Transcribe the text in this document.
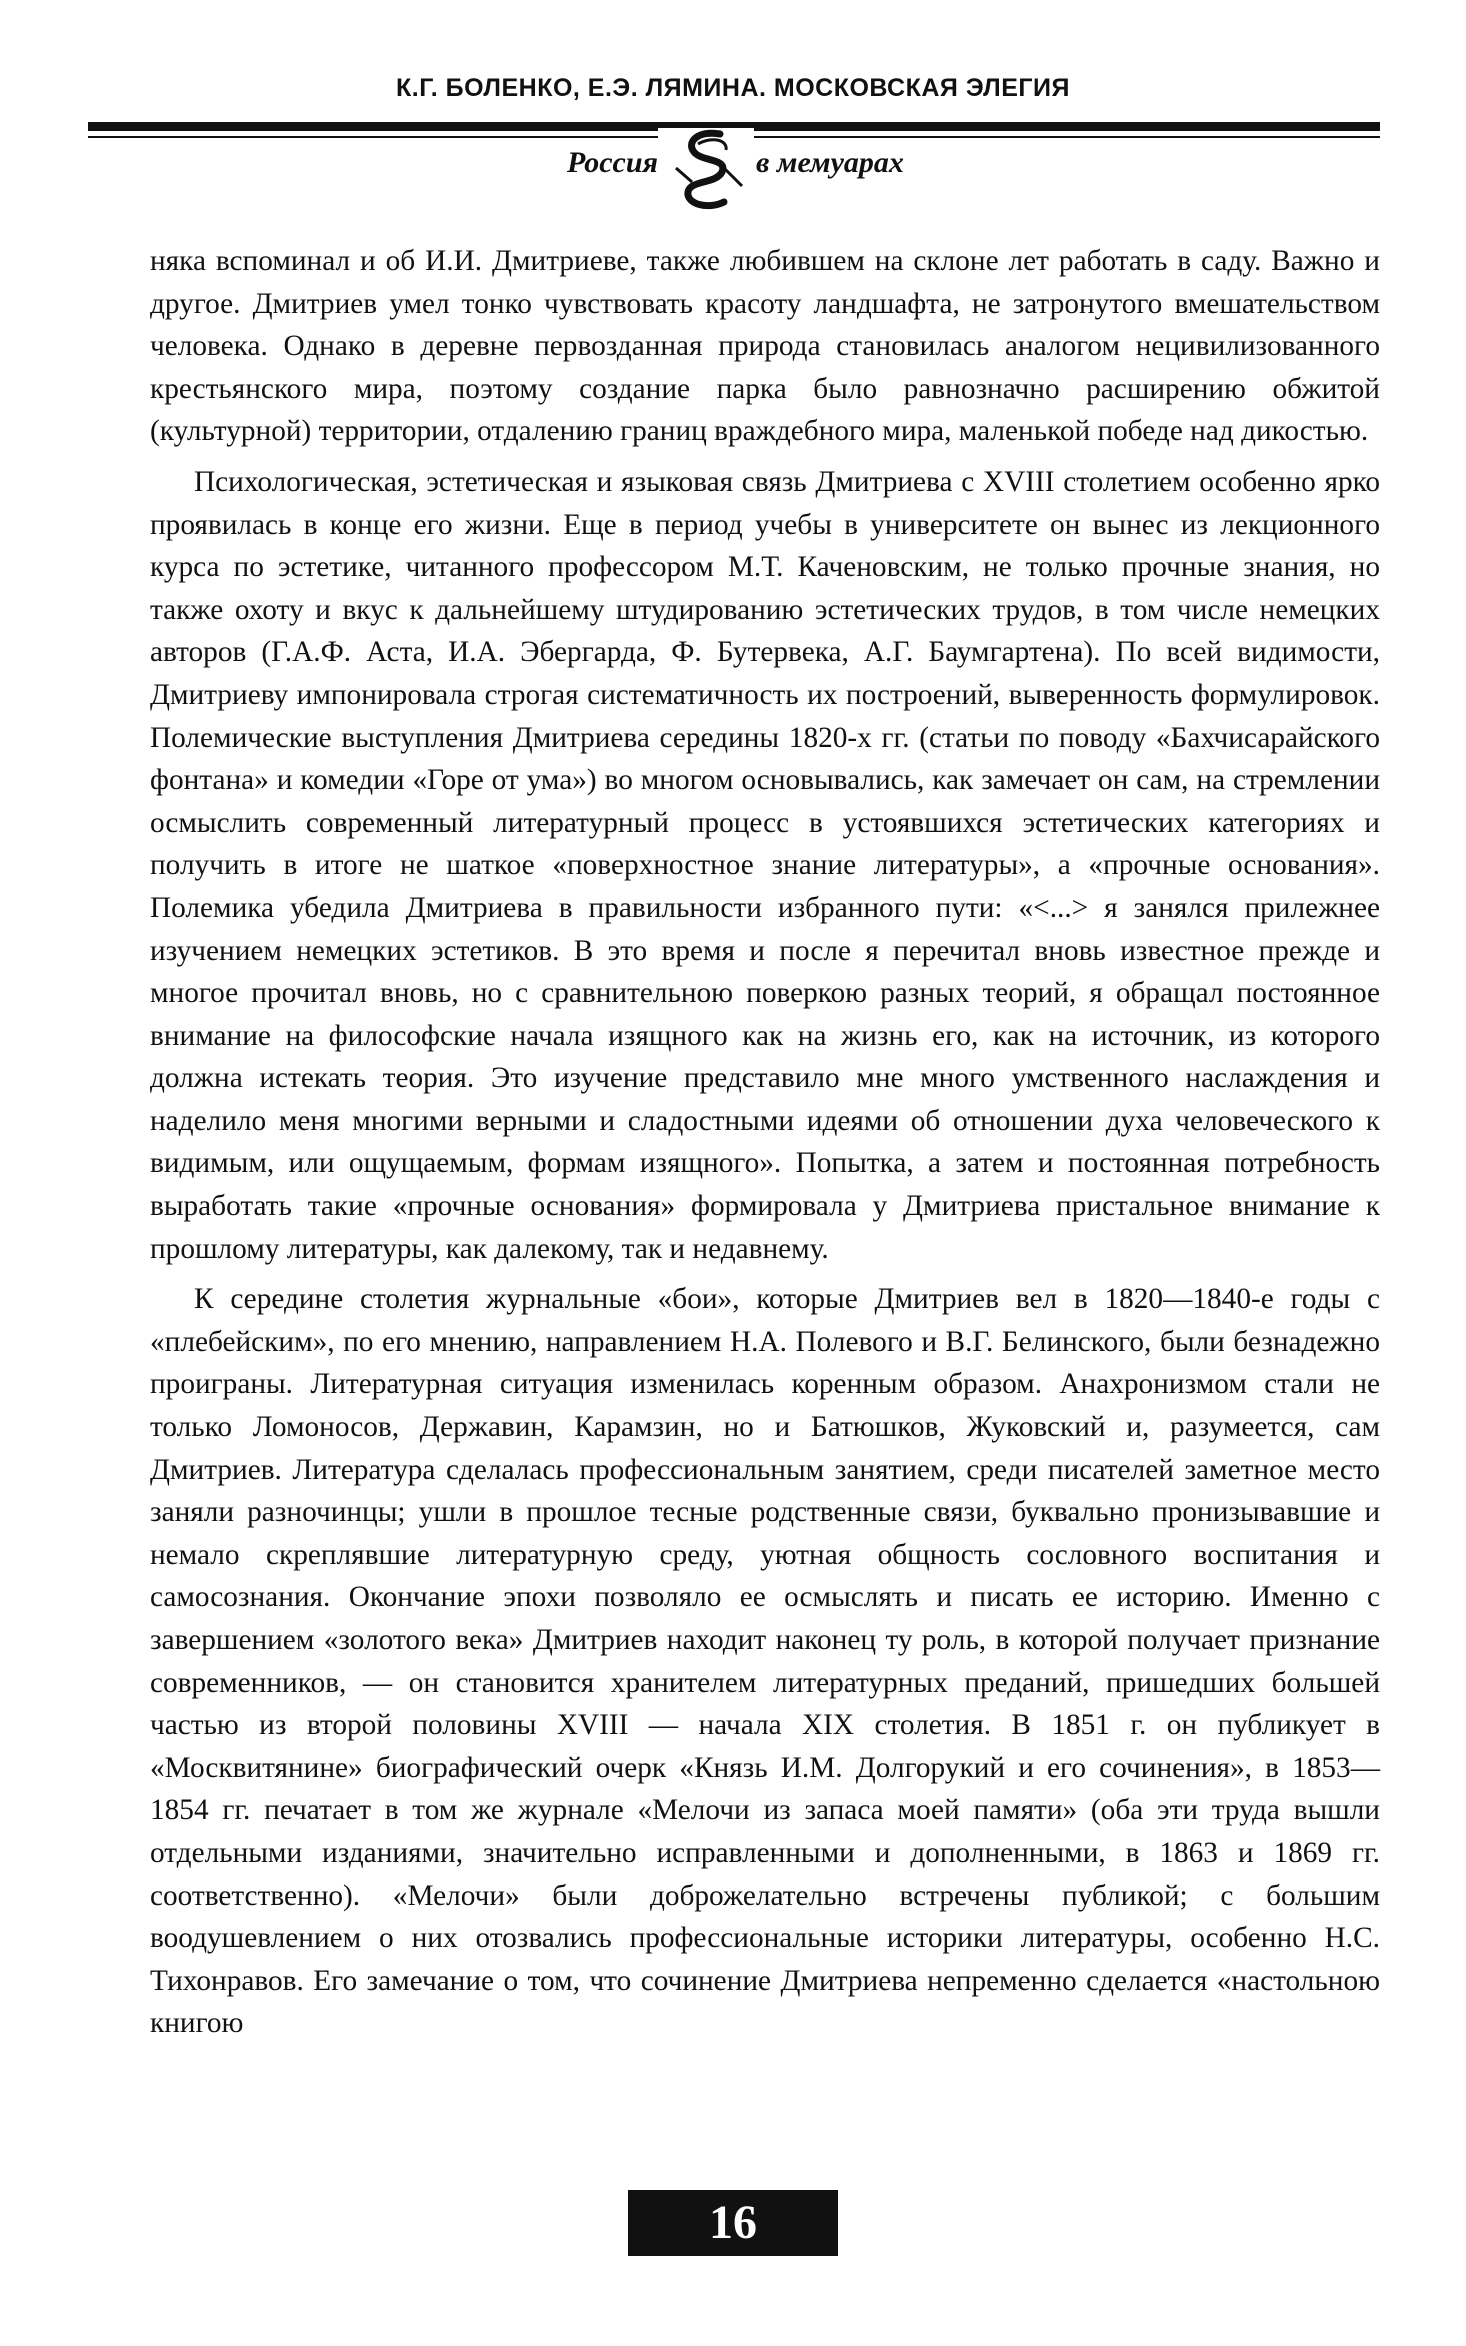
К.Г. БОЛЕНКО, Е.Э. ЛЯМИНА. МОСКОВСКАЯ ЭЛЕГИЯ
Россия	в мемуарах

няка вспоминал и об И.И. Дмитриеве, также любившем на склоне лет работать в саду. Важно и другое. Дмитриев умел тонко чувствовать красоту ландшафта, не затронутого вмешательством человека. Однако в деревне первозданная природа становилась аналогом нецивилизованного крестьянского мира, поэтому создание парка было равнозначно расширению обжитой (культурной) территории, отдалению границ враждебного мира, маленькой победе над дикостью.

Психологическая, эстетическая и языковая связь Дмитриева с XVIII столетием особенно ярко проявилась в конце его жизни. Еще в период учебы в университете он вынес из лекционного курса по эстетике, читанного профессором М.Т. Каченовским, не только прочные знания, но также охоту и вкус к дальнейшему штудированию эстетических трудов, в том числе немецких авторов (Г.А.Ф. Аста, И.А. Эбергарда, Ф. Бутервека, А.Г. Баумгартена). По всей видимости, Дмитриеву импонировала строгая систематичность их построений, выверенность формулировок. Полемические выступления Дмитриева середины 1820-х гг. (статьи по поводу «Бахчисарайского фонтана» и комедии «Горе от ума») во многом основывались, как замечает он сам, на стремлении осмыслить современный литературный процесс в устоявшихся эстетических категориях и получить в итоге не шаткое «поверхностное знание литературы», а «прочные основания». Полемика убедила Дмитриева в правильности избранного пути: «<...> я занялся прилежнее изучением немецких эстетиков. В это время и после я перечитал вновь известное прежде и многое прочитал вновь, но с сравнительною поверкою разных теорий, я обращал постоянное внимание на философские начала изящного как на жизнь его, как на источник, из которого должна истекать теория. Это изучение представило мне много умственного наслаждения и наделило меня многими верными и сладостными идеями об отношении духа человеческого к видимым, или ощущаемым, формам изящного». Попытка, а затем и постоянная потребность выработать такие «прочные основания» формировала у Дмитриева пристальное внимание к прошлому литературы, как далекому, так и недавнему.

К середине столетия журнальные «бои», которые Дмитриев вел в 1820—1840-е годы с «плебейским», по его мнению, направлением Н.А. Полевого и В.Г. Белинского, были безнадежно проиграны. Литературная ситуация изменилась коренным образом. Анахронизмом стали не только Ломоносов, Державин, Карамзин, но и Батюшков, Жуковский и, разумеется, сам Дмитриев. Литература сделалась профессиональным занятием, среди писателей заметное место заняли разночинцы; ушли в прошлое тесные родственные связи, буквально пронизывавшие и немало скреплявшие литературную среду, уютная общность сословного воспитания и самосознания. Окончание эпохи позволяло ее осмыслять и писать ее историю. Именно с завершением «золотого века» Дмитриев находит наконец ту роль, в которой получает признание современников, — он становится хранителем литературных преданий, пришедших большей частью из второй половины XVIII — начала XIX столетия. В 1851 г. он публикует в «Москвитянине» биографический очерк «Князь И.М. Долгорукий и его сочинения», в 1853—1854 гг. печатает в том же журнале «Мелочи из запаса моей памяти» (оба эти труда вышли отдельными изданиями, значительно исправленными и дополненными, в 1863 и 1869 гг. соответственно). «Мелочи» были доброжелательно встречены публикой; с большим воодушевлением о них отозвались профессиональные историки литературы, особенно Н.С. Тихонравов. Его замечание о том, что сочинение Дмитриева непременно сделается «настольною книгою

16
